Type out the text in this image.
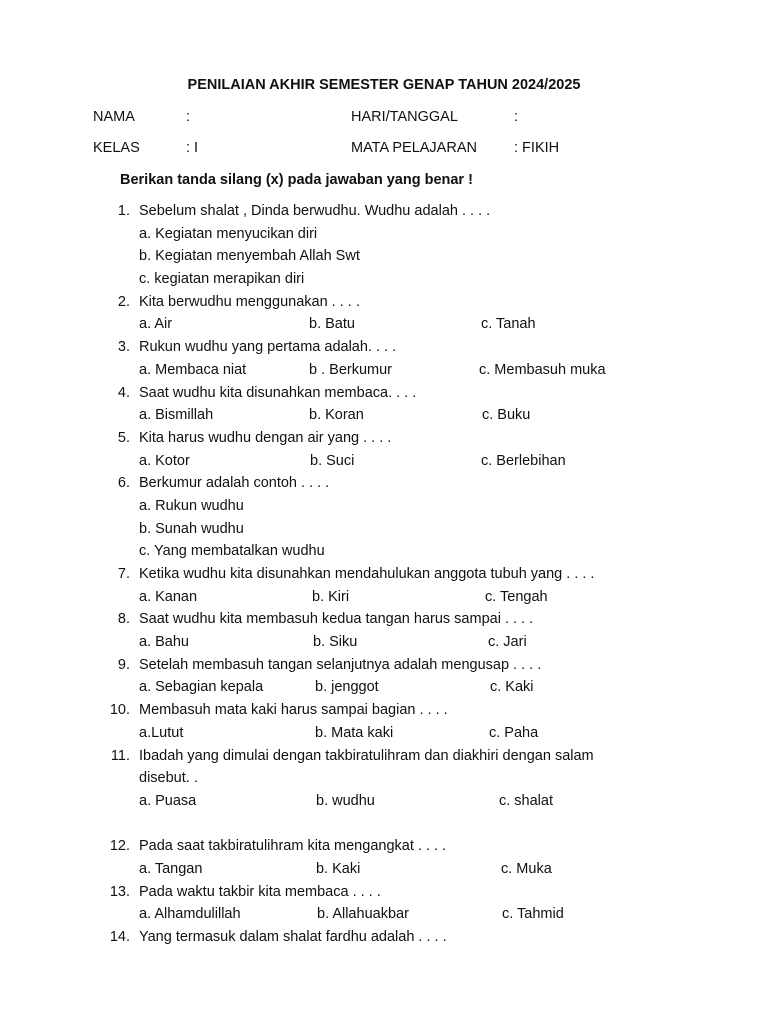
PENILAIAN AKHIR SEMESTER GENAP TAHUN 2024/2025
NAMA	:	HARI/TANGGAL	:
KELAS	: I	MATA PELAJARAN	: FIKIH
Berikan tanda silang (x) pada jawaban yang benar !
1. Sebelum shalat , Dinda berwudhu. Wudhu adalah . . . .
a. Kegiatan menyucikan diri
b. Kegiatan menyembah Allah Swt
c. kegiatan merapikan diri
2. Kita berwudhu menggunakan . . . .
a. Air	b. Batu	c. Tanah
3. Rukun wudhu yang pertama adalah. . . .
a. Membaca niat	b . Berkumur	c. Membasuh muka
4. Saat wudhu kita disunahkan membaca. . . .
a. Bismillah	b. Koran	c. Buku
5. Kita harus wudhu dengan air yang . . . .
a. Kotor	b. Suci	c. Berlebihan
6. Berkumur adalah contoh . . . .
a. Rukun wudhu
b. Sunah wudhu
c. Yang membatalkan wudhu
7. Ketika wudhu kita disunahkan mendahulukan anggota tubuh yang . . . .
a. Kanan	b. Kiri	c. Tengah
8. Saat wudhu kita membasuh kedua tangan harus sampai . . . .
a. Bahu	b. Siku	c. Jari
9. Setelah membasuh tangan selanjutnya adalah mengusap . . . .
a. Sebagian kepala	b. jenggot	c. Kaki
10. Membasuh mata kaki harus sampai bagian . . . .
a.Lutut	b. Mata kaki	c. Paha
11. Ibadah yang dimulai dengan takbiratulihram dan diakhiri dengan salam
disebut. .
a. Puasa	b. wudhu	c. shalat
12. Pada saat takbiratulihram kita mengangkat . . . .
a. Tangan	b. Kaki	c. Muka
13. Pada waktu takbir kita membaca . . . .
a. Alhamdulillah	b. Allahuakbar	c. Tahmid
14. Yang termasuk dalam shalat fardhu adalah . . . .
